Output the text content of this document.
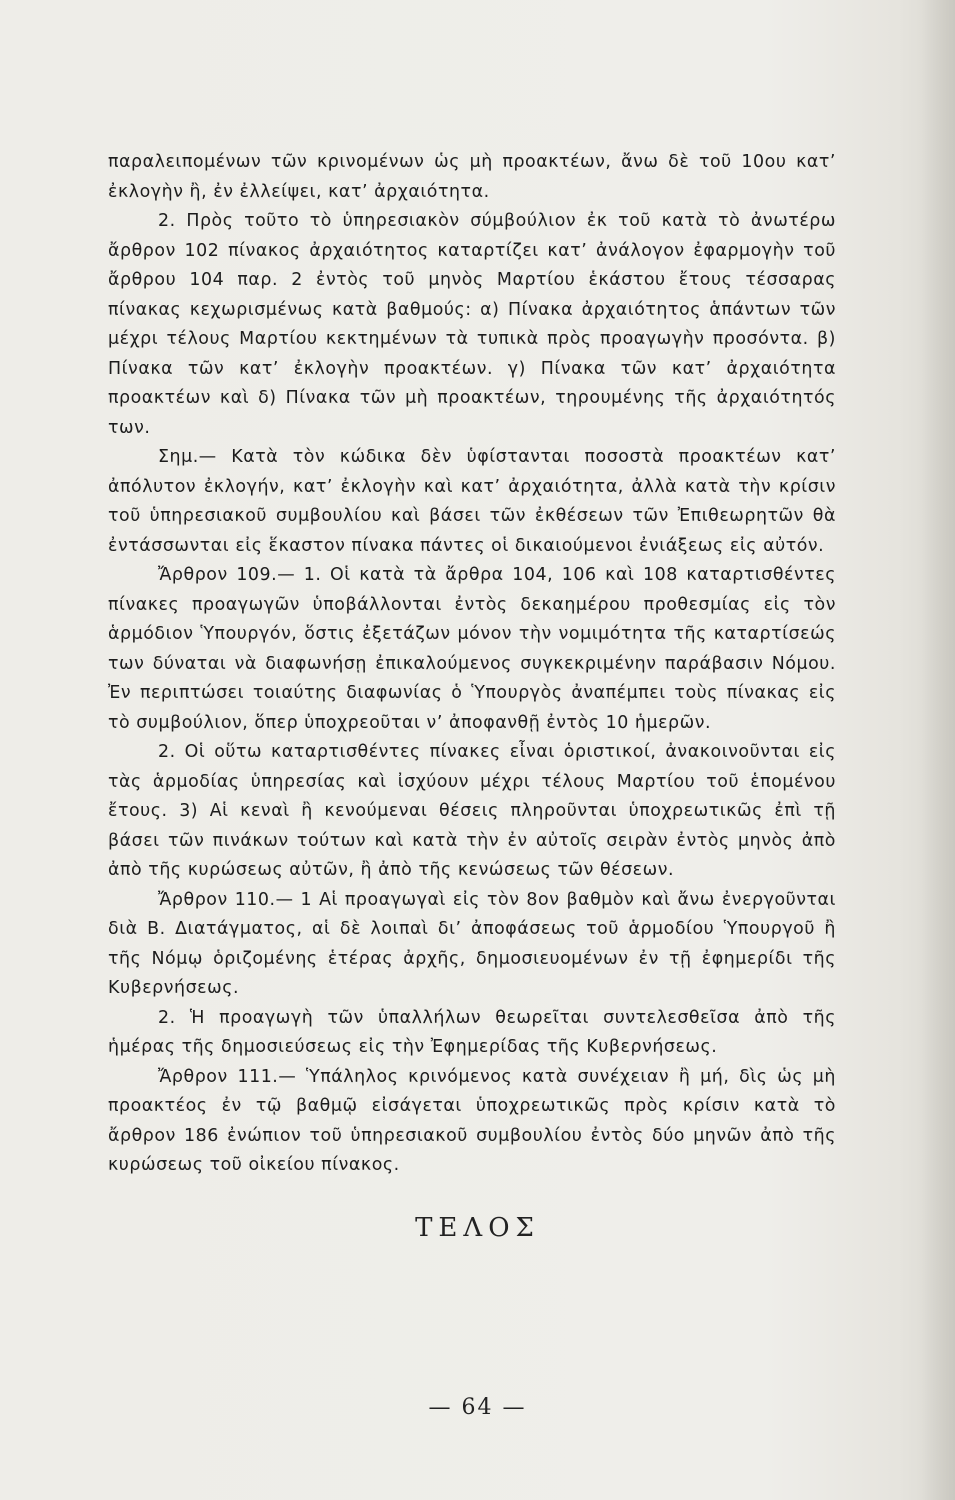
παραλειπομένων τῶν κρινομένων ὡς μὴ προακτέων, ἄνω δὲ τοῦ 10ου κατ’ ἐκλογὴν ἢ, ἐν ἐλλείψει, κατ’ ἀρχαιότητα.

2. Πρὸς τοῦτο τὸ ὑπηρεσιακὸν σύμβούλιον ἐκ τοῦ κατὰ τὸ ἀνωτέρω ἄρθρον 102 πίνακος ἀρχαιότητος καταρτίζει κατ’ ἀνάλογον ἐφαρμογὴν τοῦ ἄρθρου 104 παρ. 2 ἐντὸς τοῦ μηνὸς Μαρτίου ἑκάστου ἔτους τέσσαρας πίνακας κεχωρισμένως κατὰ βαθμούς: α) Πίνακα ἀρχαιότητος ἁπάντων τῶν μέχρι τέλους Μαρτίου κεκτημένων τὰ τυπικὰ πρὸς προαγωγὴν προσόντα. β) Πίνακα τῶν κατ’ ἐκλογὴν προακτέων. γ) Πίνακα τῶν κατ’ ἀρχαιότητα προακτέων καὶ δ) Πίνακα τῶν μὴ προακτέων, τηρουμένης τῆς ἀρχαιότητός των.

Σημ.— Κατὰ τὸν κώδικα δὲν ὑφίστανται ποσοστὰ προακτέων κατ’ ἀπόλυτον ἐκλογήν, κατ’ ἐκλογὴν καὶ κατ’ ἀρχαιότητα, ἀλλὰ κατὰ τὴν κρίσιν τοῦ ὑπηρεσιακοῦ συμβουλίου καὶ βάσει τῶν ἐκθέσεων τῶν Ἐπιθεωρητῶν θὰ ἐντάσσωνται εἰς ἕκαστον πίνακα πάντες οἱ δικαιούμενοι ἐνιάξεως εἰς αὐτόν.

Ἄρθρον 109.— 1. Οἱ κατὰ τὰ ἄρθρα 104, 106 καὶ 108 καταρτισθέντες πίνακες προαγωγῶν ὑποβάλλονται ἐντὸς δεκαημέρου προθεσμίας εἰς τὸν ἁρμόδιον Ὑπουργόν, ὅστις ἐξετάζων μόνον τὴν νομιμότητα τῆς καταρτίσεώς των δύναται νὰ διαφωνήσῃ ἐπικαλούμενος συγκεκριμένην παράβασιν Νόμου. Ἐν περιπτώσει τοιαύτης διαφωνίας ὁ Ὑπουργὸς ἀναπέμπει τοὺς πίνακας εἰς τὸ συμβούλιον, ὅπερ ὑποχρεοῦται ν’ ἀποφανθῇ ἐντὸς 10 ἡμερῶν.

2. Οἱ οὕτω καταρτισθέντες πίνακες εἶναι ὁριστικοί, ἀνακοινοῦνται εἰς τὰς ἁρμοδίας ὑπηρεσίας καὶ ἰσχύουν μέχρι τέλους Μαρτίου τοῦ ἑπομένου ἔτους. 3) Αἱ κεναὶ ἢ κενούμεναι θέσεις πληροῦνται ὑποχρεωτικῶς ἐπὶ τῇ βάσει τῶν πινάκων τούτων καὶ κατὰ τὴν ἐν αὐτοῖς σειρὰν ἐντὸς μηνὸς ἀπὸ ἀπὸ τῆς κυρώσεως αὐτῶν, ἢ ἀπὸ τῆς κενώσεως τῶν θέσεων.

Ἄρθρον 110.— 1 Αἱ προαγωγαὶ εἰς τὸν 8ον βαθμὸν καὶ ἄνω ἐνεργοῦνται διὰ Β. Διατάγματος, αἱ δὲ λοιπαὶ δι’ ἀποφάσεως τοῦ ἁρμοδίου Ὑπουργοῦ ἢ τῆς Νόμῳ ὁριζομένης ἑτέρας ἀρχῆς, δημοσιευομένων ἐν τῇ ἐφημερίδι τῆς Κυβερνήσεως.

2. Ἡ προαγωγὴ τῶν ὑπαλλήλων θεωρεῖται συντελεσθεῖσα ἀπὸ τῆς ἡμέρας τῆς δημοσιεύσεως εἰς τὴν Ἐφημερίδας τῆς Κυβερνήσεως.

Ἄρθρον 111.— Ὑπάληλος κρινόμενος κατὰ συνέχειαν ἢ μή, δὶς ὡς μὴ προακτέος ἐν τῷ βαθμῷ εἰσάγεται ὑποχρεωτικῶς πρὸς κρίσιν κατὰ τὸ ἄρθρον 186 ἐνώπιον τοῦ ὑπηρεσιακοῦ συμβουλίου ἐντὸς δύο μηνῶν ἀπὸ τῆς κυρώσεως τοῦ οἰκείου πίνακος.

ΤΕΛΟΣ
— 64 —
